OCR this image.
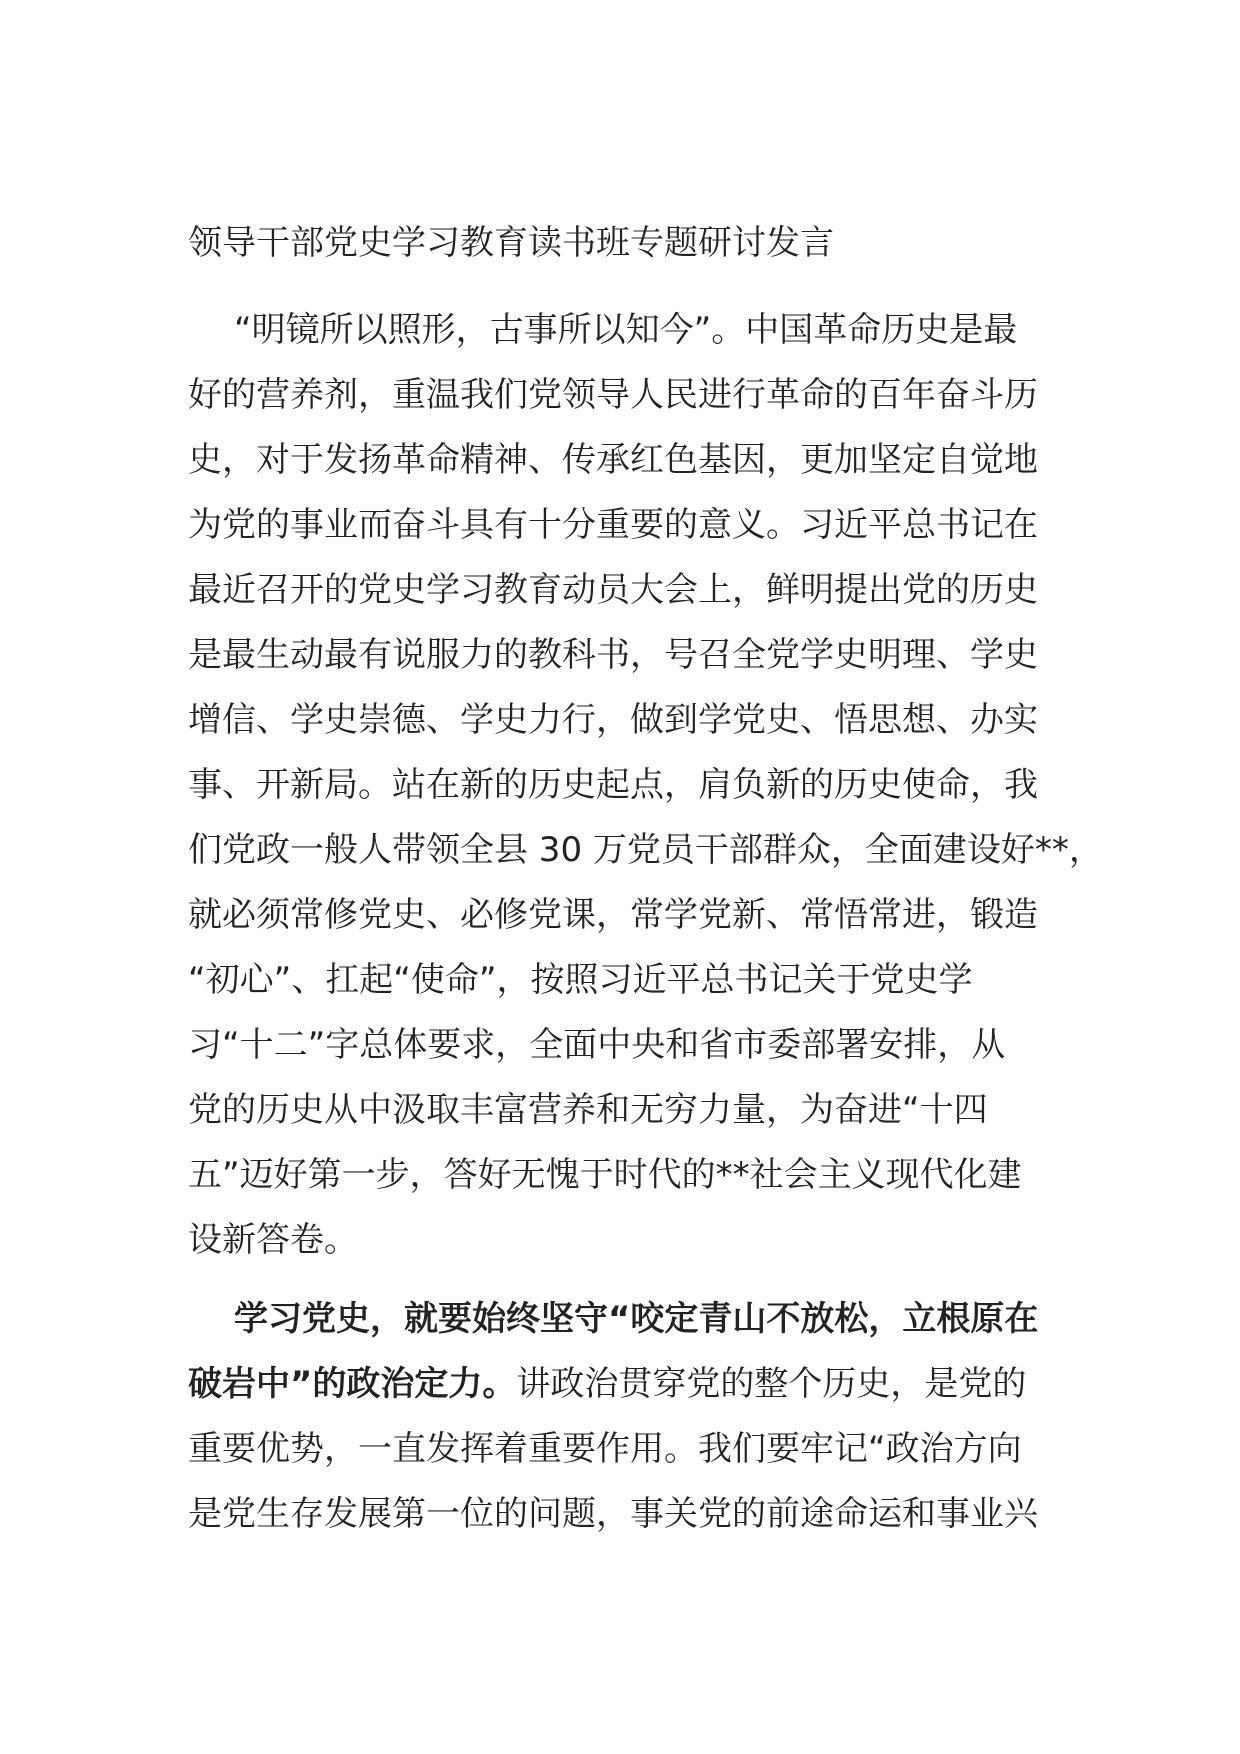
领导干部党史学习教育读书班专题研讨发言
“明镜所以照形，古事所以知今”。中国革命历史是最
好的营养剂，重温我们党领导人民进行革命的百年奋斗历
史，对于发扬革命精神、传承红色基因，更加坚定自觉地
为党的事业而奋斗具有十分重要的意义。习近平总书记在
最近召开的党史学习教育动员大会上，鲜明提出党的历史
是最生动最有说服力的教科书，号召全党学史明理、学史
增信、学史崇德、学史力行，做到学党史、悟思想、办实
事、开新局。站在新的历史起点，肩负新的历史使命，我
们党政一般人带领全县 30 万党员干部群众，全面建设好**，
就必须常修党史、必修党课，常学党新、常悟常进，锻造
“初心”、扛起“使命”，按照习近平总书记关于党史学
习“十二”字总体要求，全面中央和省市委部署安排，从
党的历史从中汲取丰富营养和无穷力量，为奋进“十四
五”迈好第一步，答好无愧于时代的**社会主义现代化建
设新答卷。
学习党史，就要始终坚守“咬定青山不放松，立根原在
破岩中”的政治定力。讲政治贯穿党的整个历史，是党的
重要优势，一直发挥着重要作用。我们要牢记“政治方向
是党生存发展第一位的问题，事关党的前途命运和事业兴
